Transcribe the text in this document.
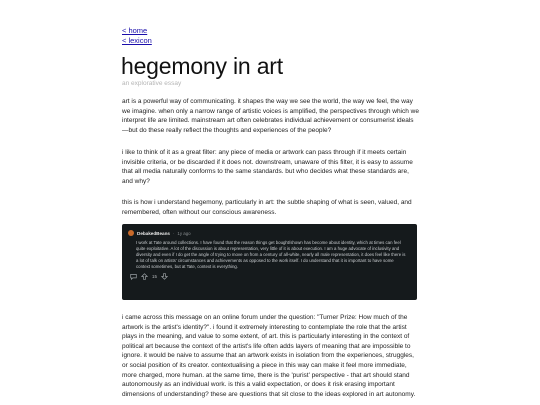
< home
< lexicon
hegemony in art
an explorative essay

art is a powerful way of communicating. it shapes the way we see the world, the way we feel, the way we imagine. when only a narrow range of artistic voices is amplified, the perspectives through which we interpret life are limited. mainstream art often celebrates individual achievement or consumerist ideals—but do these really reflect the thoughts and experiences of the people?

i like to think of it as a great filter: any piece of media or artwork can pass through if it meets certain invisible criteria, or be discarded if it does not. downstream, unaware of this filter, it is easy to assume that all media naturally conforms to the same standards. but who decides what these standards are, and why?

this is how i understand hegemony, particularly in art: the subtle shaping of what is seen, valued, and remembered, often without our conscious awareness.

DebakedBeans · 1y ago
I work at Tate around collections. I have found that the reason things get bought/shown has become about identity, which at times can feel quite exploitative. A lot of the discussion is about representation, very little of it is about execution. I am a huge advocate of inclusivity and diversity and even if I do get the angle of trying to move on from a century of all-white, nearly all male representation, it does feel like there is a lot of talk on artists' circumstances and achievements as opposed to the work itself. I do understand that it is important to have some context sometimes, but at Tate, context is everything.
15

i came across this message on an online forum under the question: "Turner Prize: How much of the artwork is the artist's identity?". i found it extremely interesting to contemplate the role that the artist plays in the meaning, and value to some extent, of art. this is particularly interesting in the context of political art because the context of the artist's life often adds layers of meaning that are impossible to ignore. it would be naive to assume that an artwork exists in isolation from the experiences, struggles, or social position of its creator. contextualising a piece in this way can make it feel more immediate, more charged, more human. at the same time, there is the 'purist' perspective - that art should stand autonomously as an individual work. is this a valid expectation, or does it risk erasing important dimensions of understanding? these are questions that sit close to the ideas explored in art autonomy.
